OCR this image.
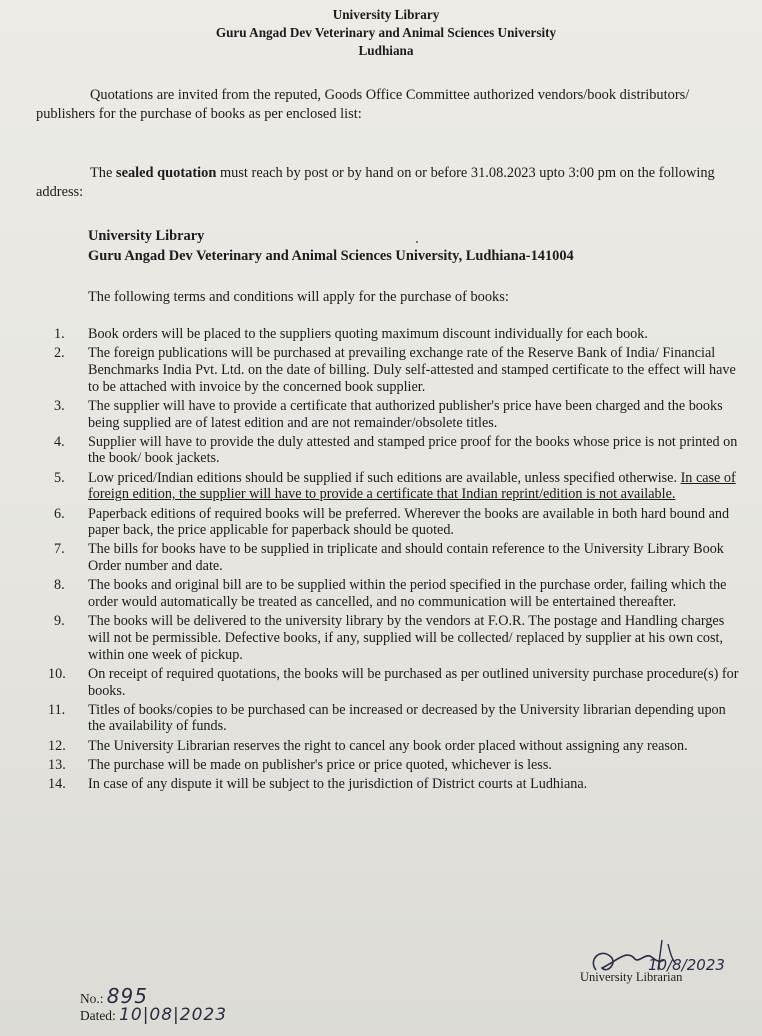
University Library
Guru Angad Dev Veterinary and Animal Sciences University
Ludhiana
Quotations are invited from the reputed, Goods Office Committee authorized vendors/book distributors/ publishers for the purchase of books as per enclosed list:
The sealed quotation must reach by post or by hand on or before 31.08.2023 upto 3:00 pm on the following address:
University Library
Guru Angad Dev Veterinary and Animal Sciences University, Ludhiana-141004
The following terms and conditions will apply for the purchase of books:
1.	Book orders will be placed to the suppliers quoting maximum discount individually for each book.
2.	The foreign publications will be purchased at prevailing exchange rate of the Reserve Bank of India/ Financial Benchmarks India Pvt. Ltd. on the date of billing. Duly self-attested and stamped certificate to the effect will have to be attached with invoice by the concerned book supplier.
3.	The supplier will have to provide a certificate that authorized publisher's price have been charged and the books being supplied are of latest edition and are not remainder/obsolete titles.
4.	Supplier will have to provide the duly attested and stamped price proof for the books whose price is not printed on the book/ book jackets.
5.	Low priced/Indian editions should be supplied if such editions are available, unless specified otherwise. In case of foreign edition, the supplier will have to provide a certificate that Indian reprint/edition is not available.
6.	Paperback editions of required books will be preferred. Wherever the books are available in both hard bound and paper back, the price applicable for paperback should be quoted.
7.	The bills for books have to be supplied in triplicate and should contain reference to the University Library Book Order number and date.
8.	The books and original bill are to be supplied within the period specified in the purchase order, failing which the order would automatically be treated as cancelled, and no communication will be entertained thereafter.
9.	The books will be delivered to the university library by the vendors at F.O.R. The postage and Handling charges will not be permissible. Defective books, if any, supplied will be collected/ replaced by supplier at his own cost, within one week of pickup.
10.	On receipt of required quotations, the books will be purchased as per outlined university purchase procedure(s) for books.
11.	Titles of books/copies to be purchased can be increased or decreased by the University librarian depending upon the availability of funds.
12.	The University Librarian reserves the right to cancel any book order placed without assigning any reason.
13.	The purchase will be made on publisher's price or price quoted, whichever is less.
14.	In case of any dispute it will be subject to the jurisdiction of District courts at Ludhiana.
10/8/2023
University Librarian
No.: 895
Dated: 10|08|2023
